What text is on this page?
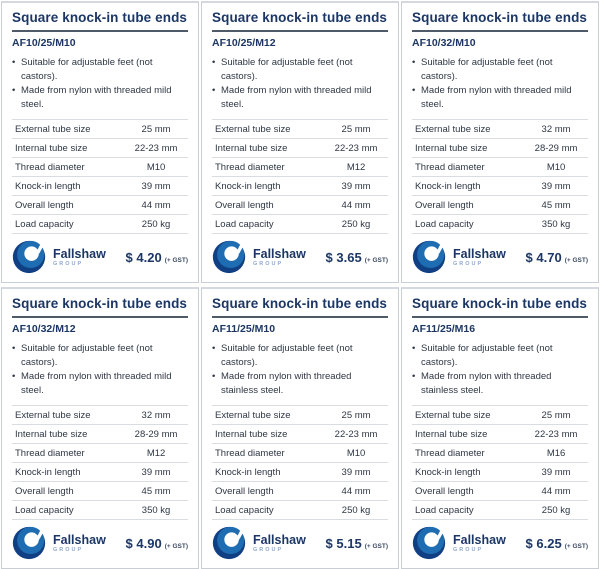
Square knock-in tube ends
AF10/25/M10
• Suitable for adjustable feet (not castors).
• Made from nylon with threaded mild steel.
External tube size	25 mm
Internal tube size	22-23 mm
Thread diameter	M10
Knock-in length	39 mm
Overall length	44 mm
Load capacity	250 kg
Fallshaw
GROUP	$ 4.20 (+ GST)
Square knock-in tube ends
AF10/25/M12
• Suitable for adjustable feet (not castors).
• Made from nylon with threaded mild steel.
External tube size	25 mm
Internal tube size	22-23 mm
Thread diameter	M12
Knock-in length	39 mm
Overall length	44 mm
Load capacity	250 kg
Fallshaw
GROUP	$ 3.65 (+ GST)
Square knock-in tube ends
AF10/32/M10
• Suitable for adjustable feet (not castors).
• Made from nylon with threaded mild steel.
External tube size	32 mm
Internal tube size	28-29 mm
Thread diameter	M10
Knock-in length	39 mm
Overall length	45 mm
Load capacity	350 kg
Fallshaw
GROUP	$ 4.70 (+ GST)
Square knock-in tube ends
AF10/32/M12
• Suitable for adjustable feet (not castors).
• Made from nylon with threaded mild steel.
External tube size	32 mm
Internal tube size	28-29 mm
Thread diameter	M12
Knock-in length	39 mm
Overall length	45 mm
Load capacity	350 kg
Fallshaw
GROUP	$ 4.90 (+ GST)
Square knock-in tube ends
AF11/25/M10
• Suitable for adjustable feet (not castors).
• Made from nylon with threaded stainless steel.
External tube size	25 mm
Internal tube size	22-23 mm
Thread diameter	M10
Knock-in length	39 mm
Overall length	44 mm
Load capacity	250 kg
Fallshaw
GROUP	$ 5.15 (+ GST)
Square knock-in tube ends
AF11/25/M16
• Suitable for adjustable feet (not castors).
• Made from nylon with threaded stainless steel.
External tube size	25 mm
Internal tube size	22-23 mm
Thread diameter	M16
Knock-in length	39 mm
Overall length	44 mm
Load capacity	250 kg
Fallshaw
GROUP	$ 6.25 (+ GST)
